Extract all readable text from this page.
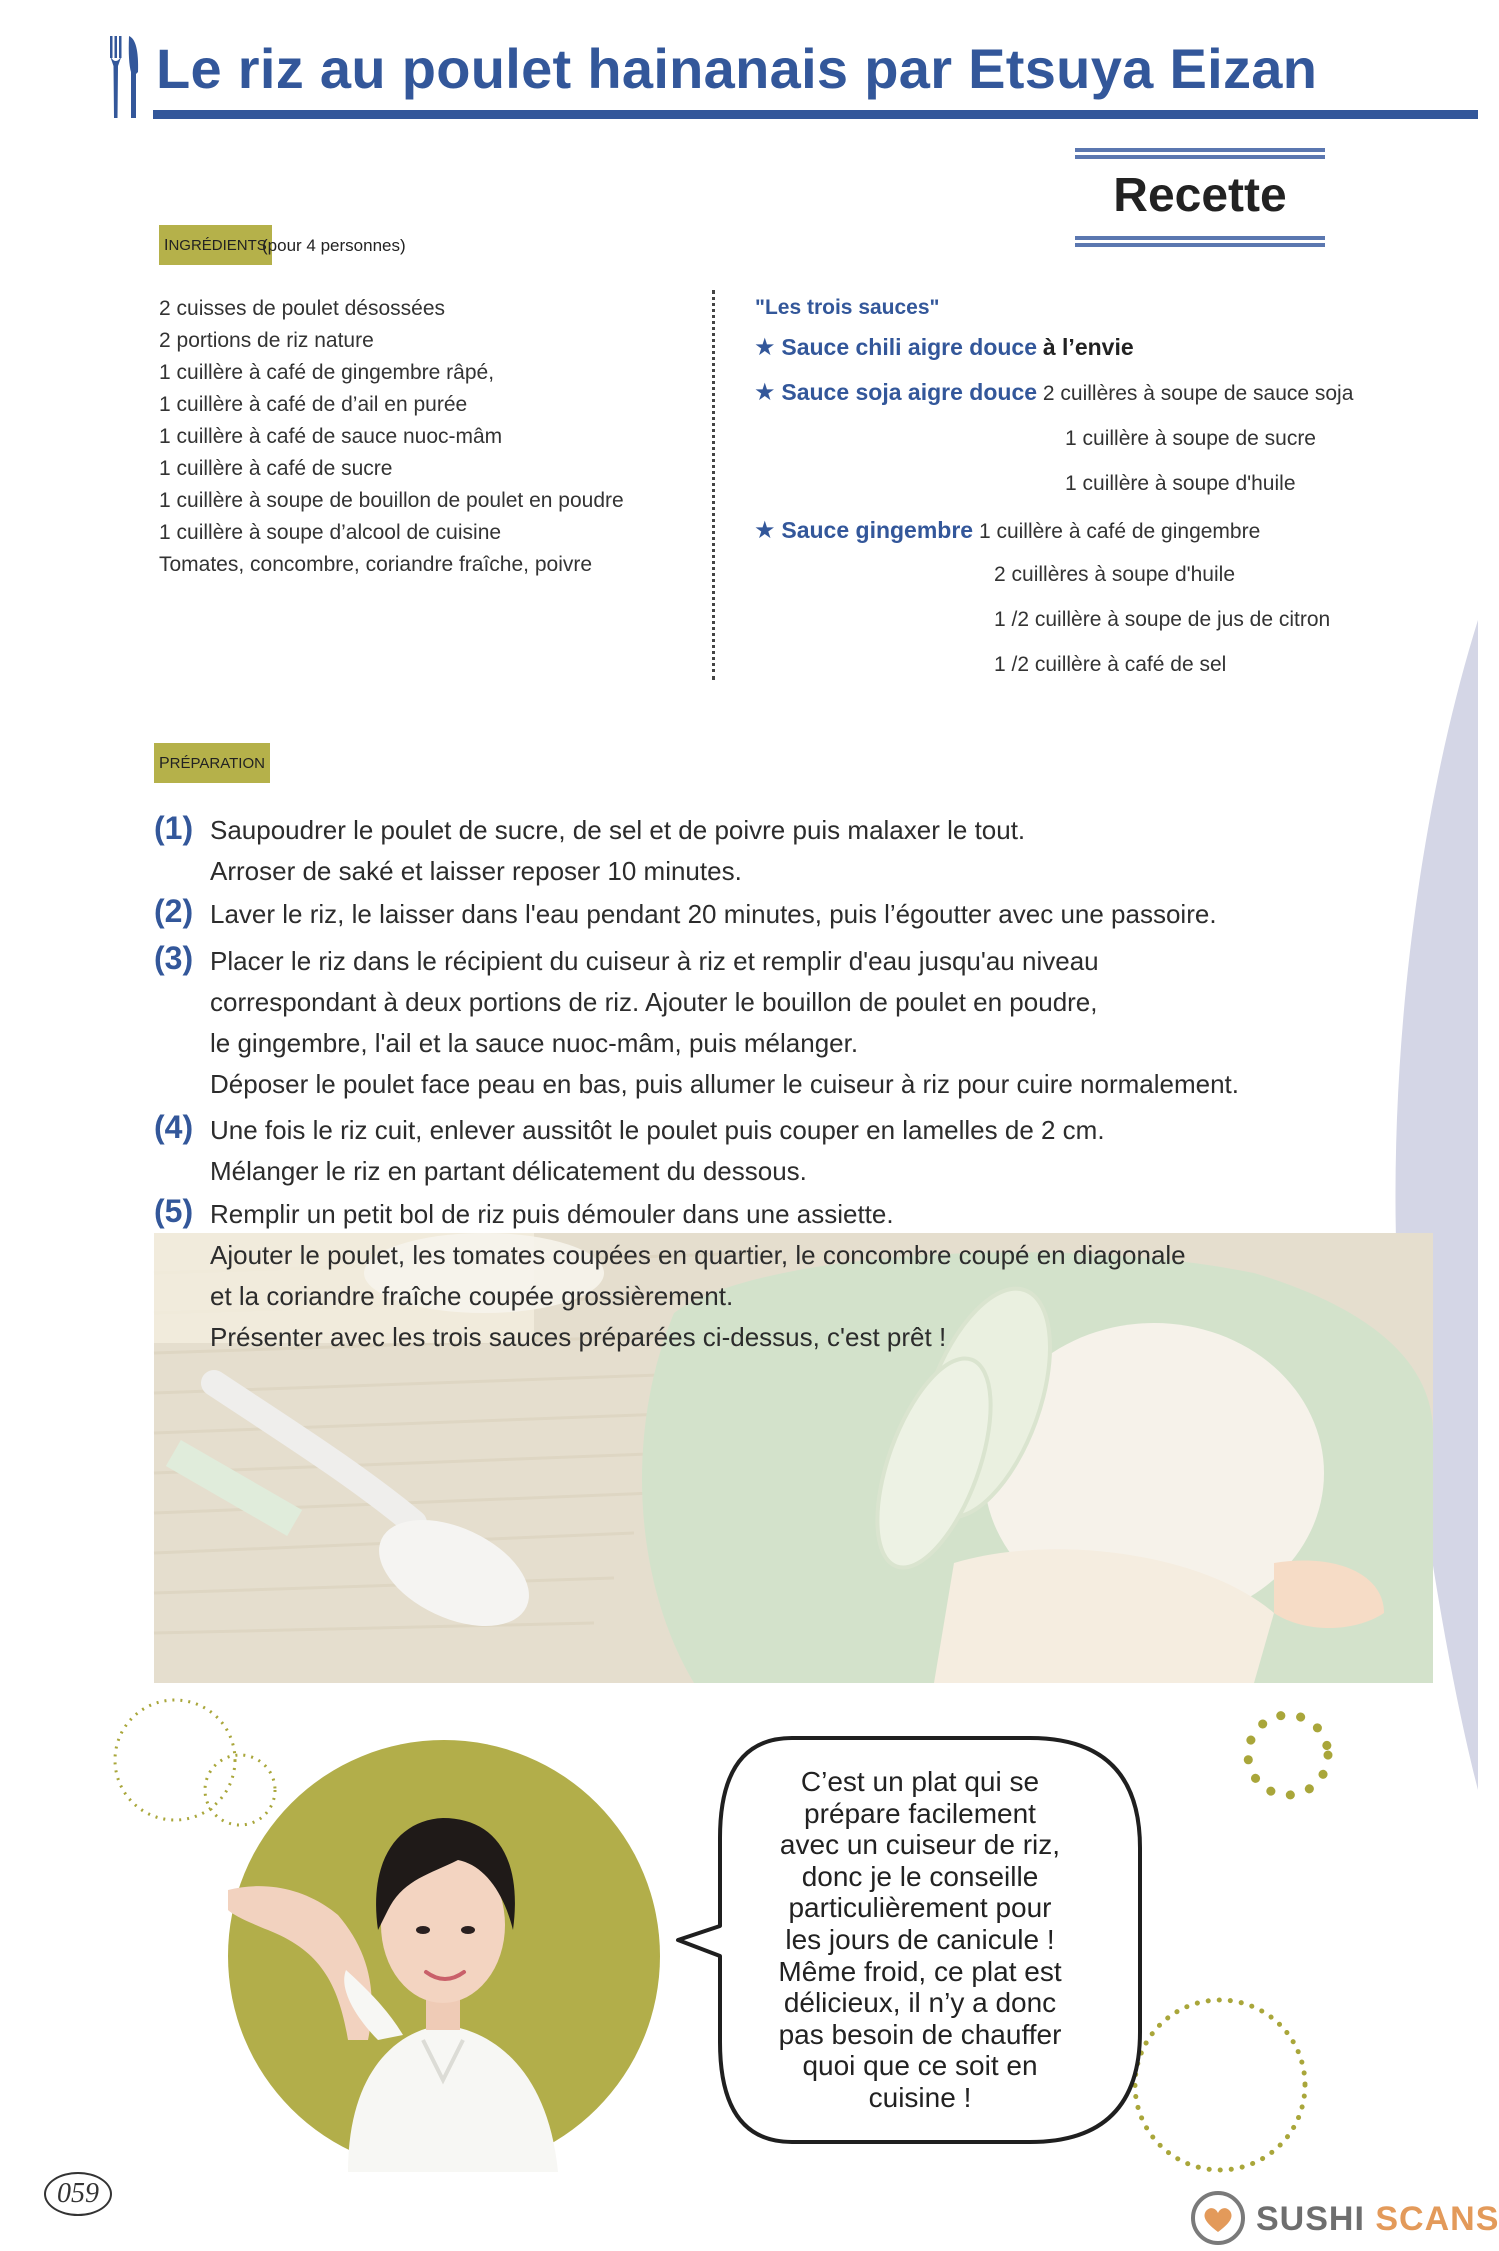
Le riz au poulet hainanais par Etsuya Eizan
Recette
INGRÉDIENTS
(pour 4 personnes)
2 cuisses de poulet désossées
2 portions de riz nature
1 cuillère à café de gingembre râpé,
1 cuillère à café de d’ail en purée
1 cuillère à café de sauce nuoc-mâm
1 cuillère à café de sucre
1 cuillère à soupe de bouillon de poulet en poudre
1 cuillère à soupe d’alcool de cuisine
Tomates, concombre, coriandre fraîche, poivre
"Les trois sauces"
★ Sauce chili aigre douce à l’envie
★ Sauce soja aigre douce 2 cuillères à soupe de sauce soja
1 cuillère à soupe de sucre
1 cuillère à soupe d'huile
★ Sauce gingembre 1 cuillère à café de gingembre
2 cuillères à soupe d'huile
1 /2 cuillère à soupe de jus de citron
1 /2 cuillère à café de sel
PRÉPARATION
(1) Saupoudrer le poulet de sucre, de sel et de poivre puis malaxer le tout.
Arroser de saké et laisser reposer 10 minutes.
(2) Laver le riz, le laisser dans l'eau pendant 20 minutes, puis l’égoutter avec une passoire.
(3) Placer le riz dans le récipient du cuiseur à riz et remplir d'eau jusqu'au niveau
correspondant à deux portions de riz. Ajouter le bouillon de poulet en poudre,
le gingembre, l'ail et la sauce nuoc-mâm, puis mélanger.
Déposer le poulet face peau en bas, puis allumer le cuiseur à riz pour cuire normalement.
(4) Une fois le riz cuit, enlever aussitôt le poulet puis couper en lamelles de 2 cm.
Mélanger le riz en partant délicatement du dessous.
(5) Remplir un petit bol de riz puis démouler dans une assiette.
Ajouter le poulet, les tomates coupées en quartier, le concombre coupé en diagonale
et la coriandre fraîche coupée grossièrement.
Présenter avec les trois sauces préparées ci-dessus, c'est prêt !
C’est un plat qui se
prépare facilement
avec un cuiseur de riz,
donc je le conseille
particulièrement pour
les jours de canicule !
Même froid, ce plat est
délicieux, il n’y a donc
pas besoin de chauffer
quoi que ce soit en
cuisine !
059
SUSHI SCANS
